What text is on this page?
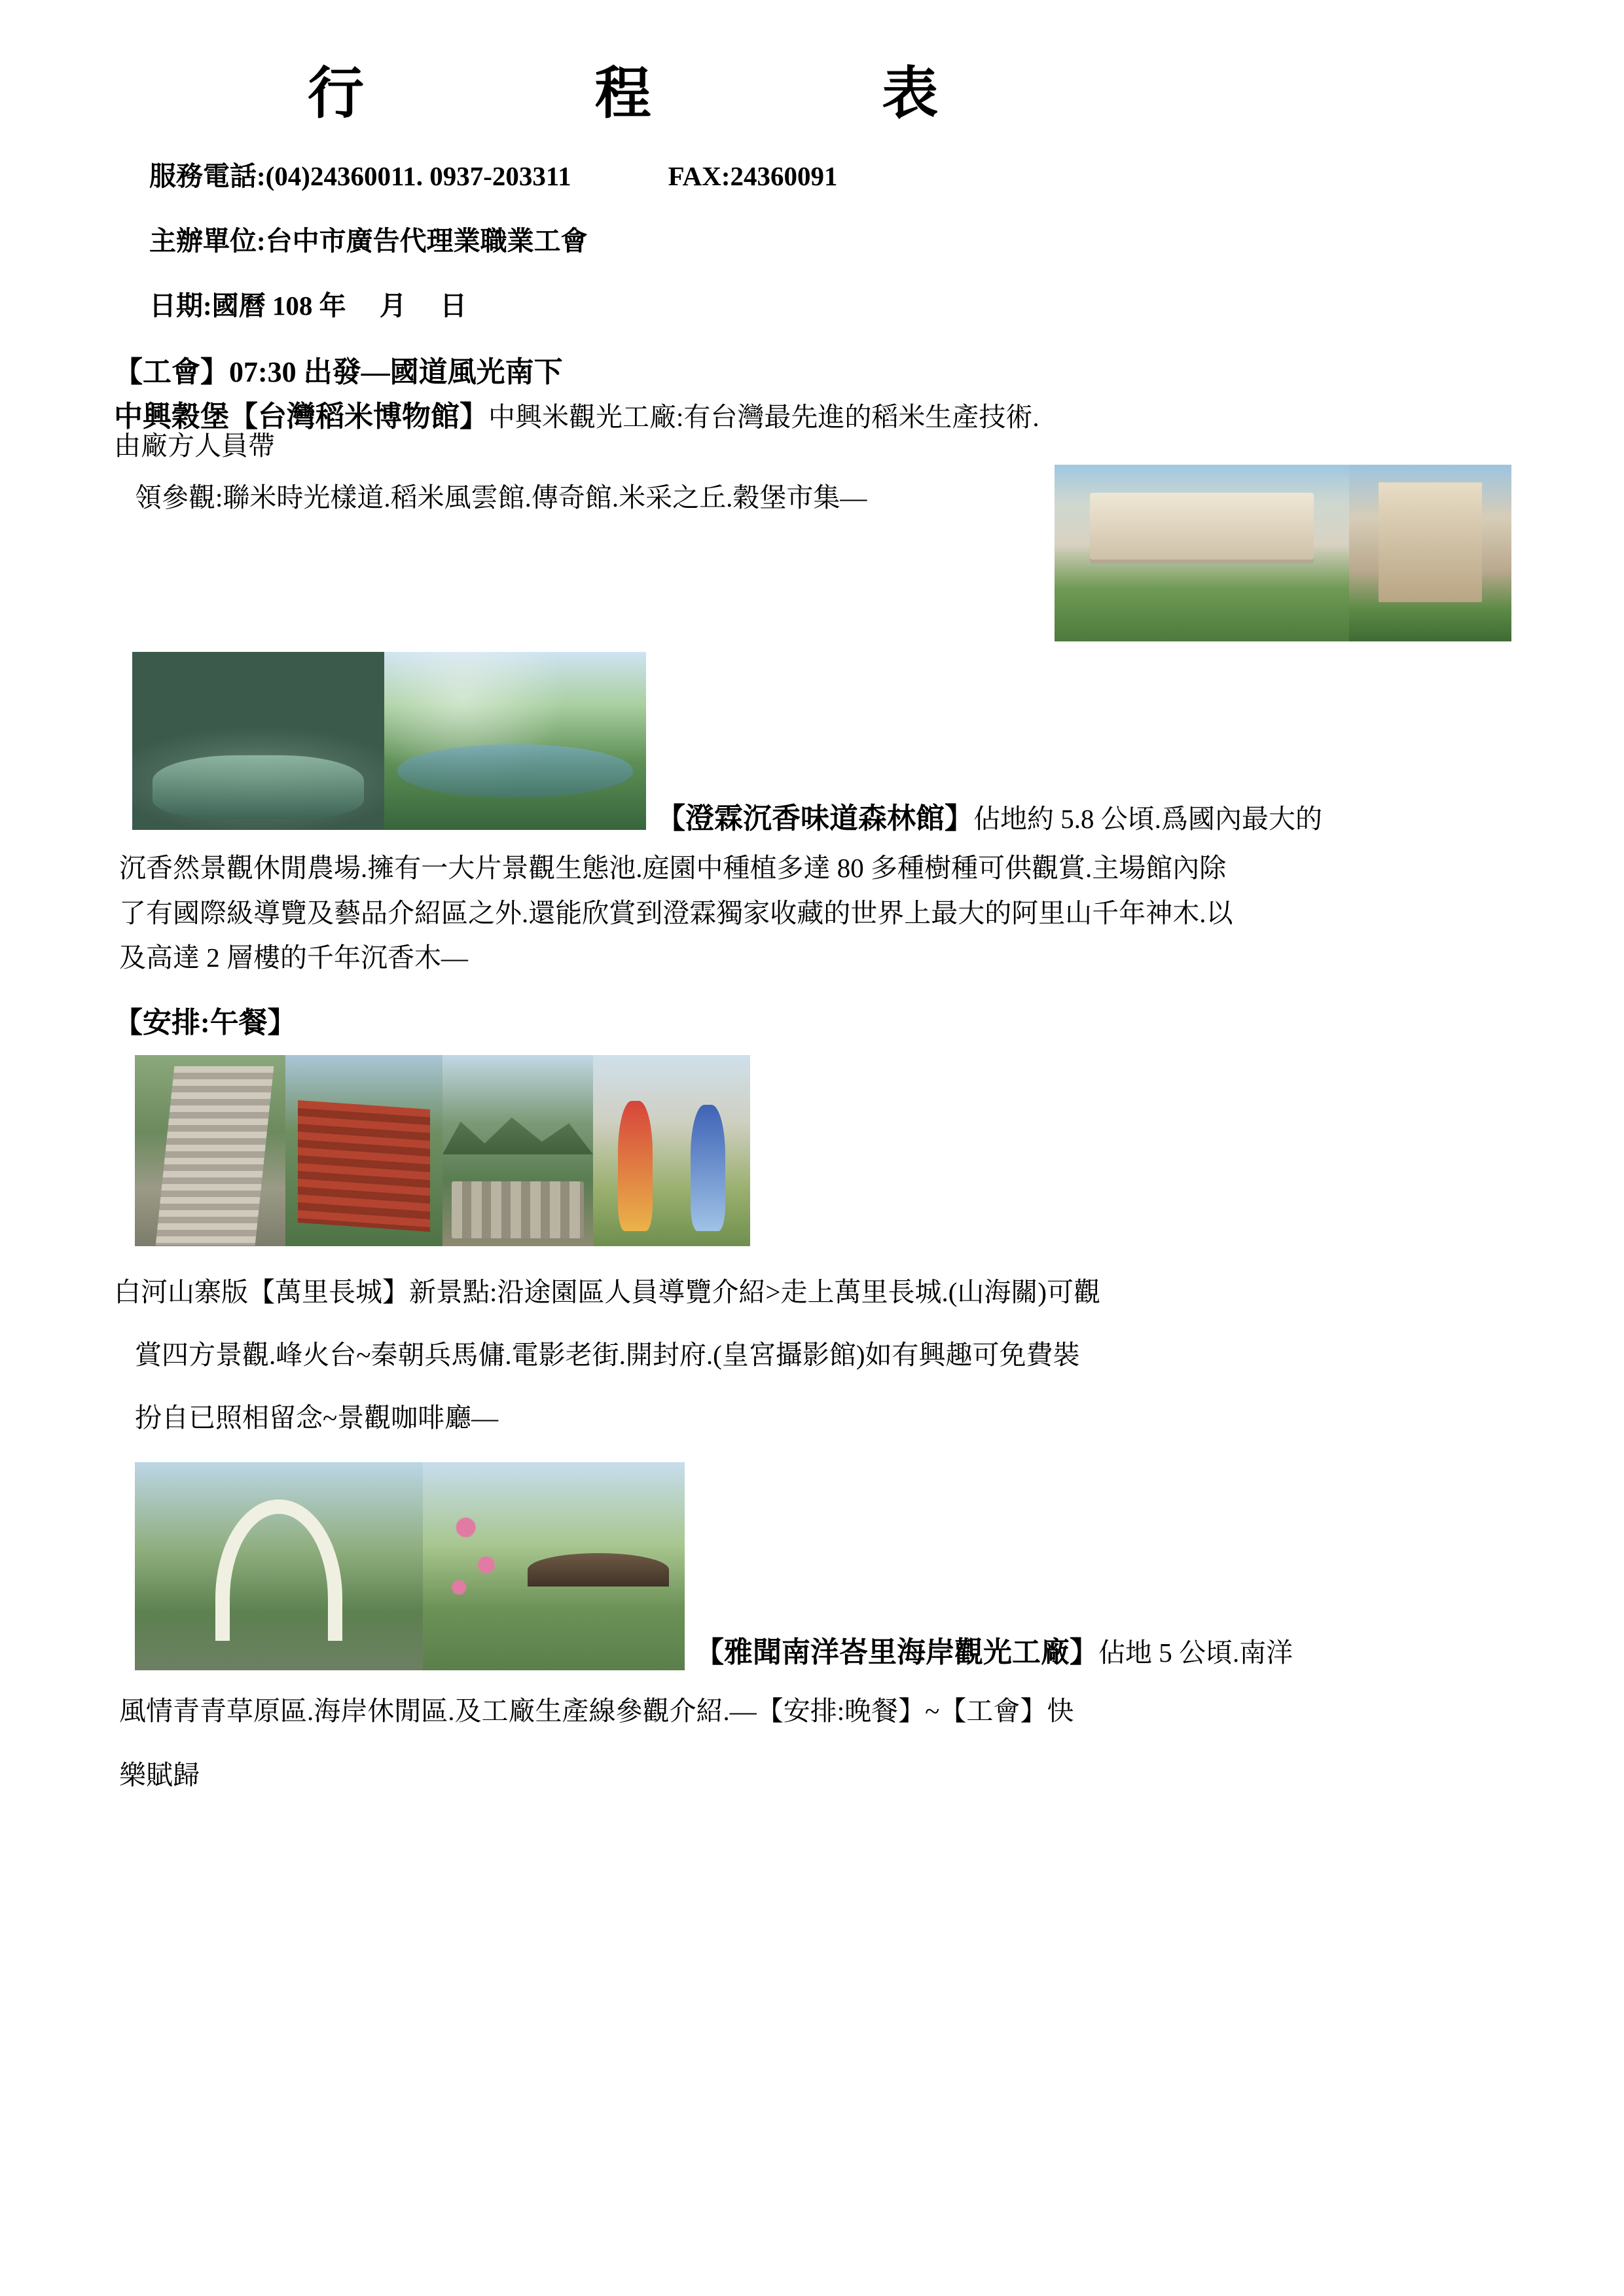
行　　　　程　　　　表
服務電話:(04)24360011. 0937-203311	FAX:24360091
主辦單位:台中市廣告代理業職業工會
日期:國曆 108 年　 月　 日
【工會】07:30 出發—國道風光南下
中興穀堡【台灣稻米博物館】中興米觀光工廠:有台灣最先進的稻米生產技術.由廠方人員帶
領參觀:聯米時光樣道.稻米風雲館.傳奇館.米采之丘.穀堡市集—
【澄霖沉香味道森林館】佔地約 5.8 公頃.爲國內最大的
沉香然景觀休閒農場.擁有一大片景觀生態池.庭園中種植多達 80 多種樹種可供觀賞.主場館內除
了有國際級導覽及藝品介紹區之外.還能欣賞到澄霖獨家收藏的世界上最大的阿里山千年神木.以
及高達 2 層樓的千年沉香木—
【安排:午餐】
白河山寨版【萬里長城】新景點:沿途園區人員導覽介紹>走上萬里長城.(山海關)可觀
賞四方景觀.峰火台~秦朝兵馬傭.電影老街.開封府.(皇宮攝影館)如有興趣可免費裝
扮自已照相留念~景觀咖啡廳—
【雅聞南洋峇里海岸觀光工廠】佔地 5 公頃.南洋
風情青青草原區.海岸休閒區.及工廠生產線參觀介紹.—【安排:晚餐】~【工會】快
樂賦歸
